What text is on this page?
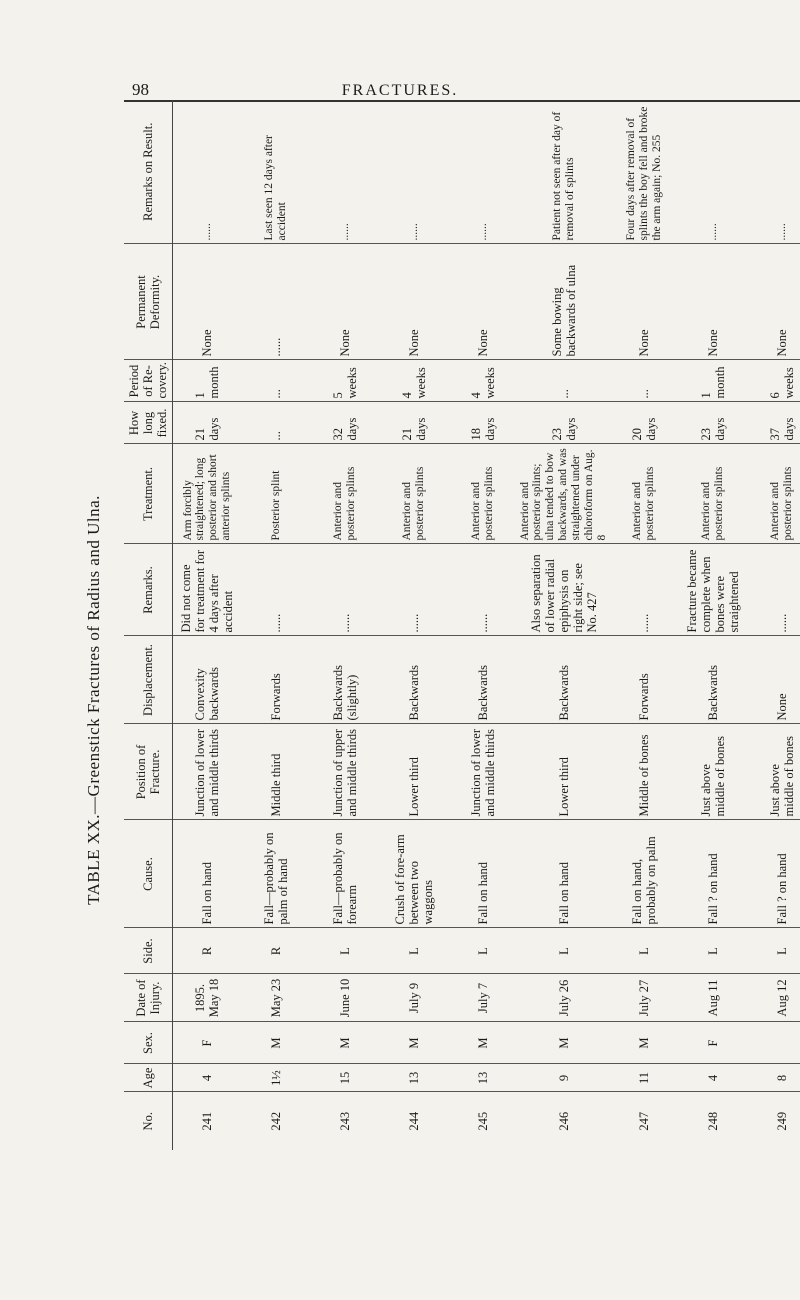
98	FRACTURES.
TABLE XX.—Greenstick Fractures of Radius and Ulna.
No.	Age	Sex.	Date of Injury.	Side.	Cause.	Position of Fracture.	Displacement.	Remarks.	Treatment.	How long fixed.	Period of Re-covery.	Permanent Deformity.	Remarks on Result.
241	4	F	1895. May 18	R	Fall on hand	Junction of lower and middle thirds	Convexity backwards	Did not come for treatment for 4 days after accident	Arm forcibly straightened; long posterior and short anterior splints	21 days	1 month	None	......
242	1½	M	May 23	R	Fall—probably on palm of hand	Middle third	Forwards	......	Posterior splint	...	...	......	Last seen 12 days after accident
243	15	M	June 10	L	Fall—probably on forearm	Junction of upper and middle thirds	Backwards (slightly)	......	Anterior and posterior splints	32 days	5 weeks	None	......
244	13	M	July 9	L	Crush of fore-arm between two waggons	Lower third	Backwards	......	Anterior and posterior splints	21 days	4 weeks	None	......
245	13	M	July 7	L	Fall on hand	Junction of lower and middle thirds	Backwards	......	Anterior and posterior splints	18 days	4 weeks	None	......
246	9	M	July 26	L	Fall on hand	Lower third	Backwards	Also separation of lower radial epiphysis on right side; see No. 427	Anterior and posterior splints; ulna tended to bow backwards, and was straightened under chloroform on Aug. 8	23 days	...	Some bowing backwards of ulna	Patient not seen after day of removal of splints
247	11	M	July 27	L	Fall on hand, probably on palm	Middle of bones	Forwards	......	Anterior and posterior splints	20 days	...	None	Four days after removal of splints the boy fell and broke the arm again; No. 255
248	4	F	Aug 11	L	Fall ? on hand	Just above middle of bones	Backwards	Fracture became complete when bones were straightened	Anterior and posterior splints	23 days	1 month	None	......
249	8		Aug 12	L	Fall ? on hand	Just above middle of bones	None	......	Anterior and posterior splints	37 days	6 weeks	None	......
